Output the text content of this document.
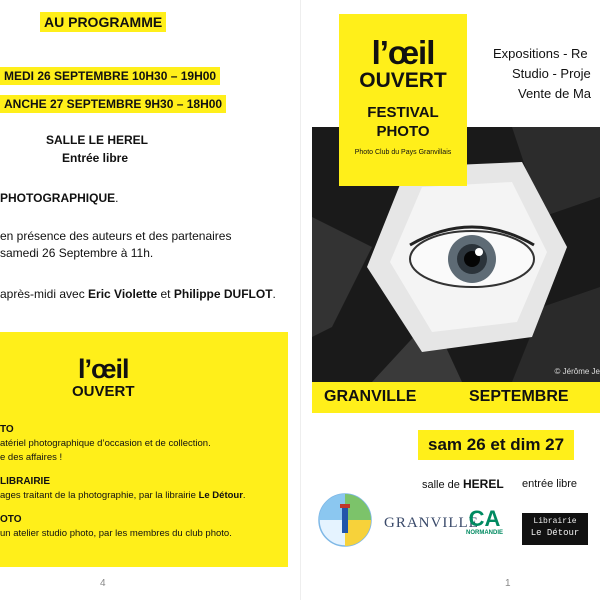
AU PROGRAMME
MEDI 26 SEPTEMBRE 10H30 – 19H00
ANCHE 27 SEPTEMBRE 9H30 – 18H00
SALLE LE HEREL
Entrée libre
PHOTOGRAPHIQUE.
en présence des auteurs et des partenaires
samedi 26 Septembre à 11h.
après-midi avec Eric Violette et Philippe DUFLOT.
l’œil
OUVERT
TO
atériel photographique d’occasion et de collection.
e des affaires !
LIBRAIRIE
ages traitant de la photographie, par la librairie Le Détour.
OTO
un atelier studio photo, par les membres du club photo.
4
l’œil
OUVERT
FESTIVAL
PHOTO
Photo Club du Pays Granvillais
Expositions - Re
Studio - Proje
Vente de Ma
© Jérôme Je
GRANVILLE	SEPTEMBRE
sam 26 et dim 27
salle de HEREL entrée libre
GRANVILLE
CA
NORMANDIE
Librairie
Le Détour
1
